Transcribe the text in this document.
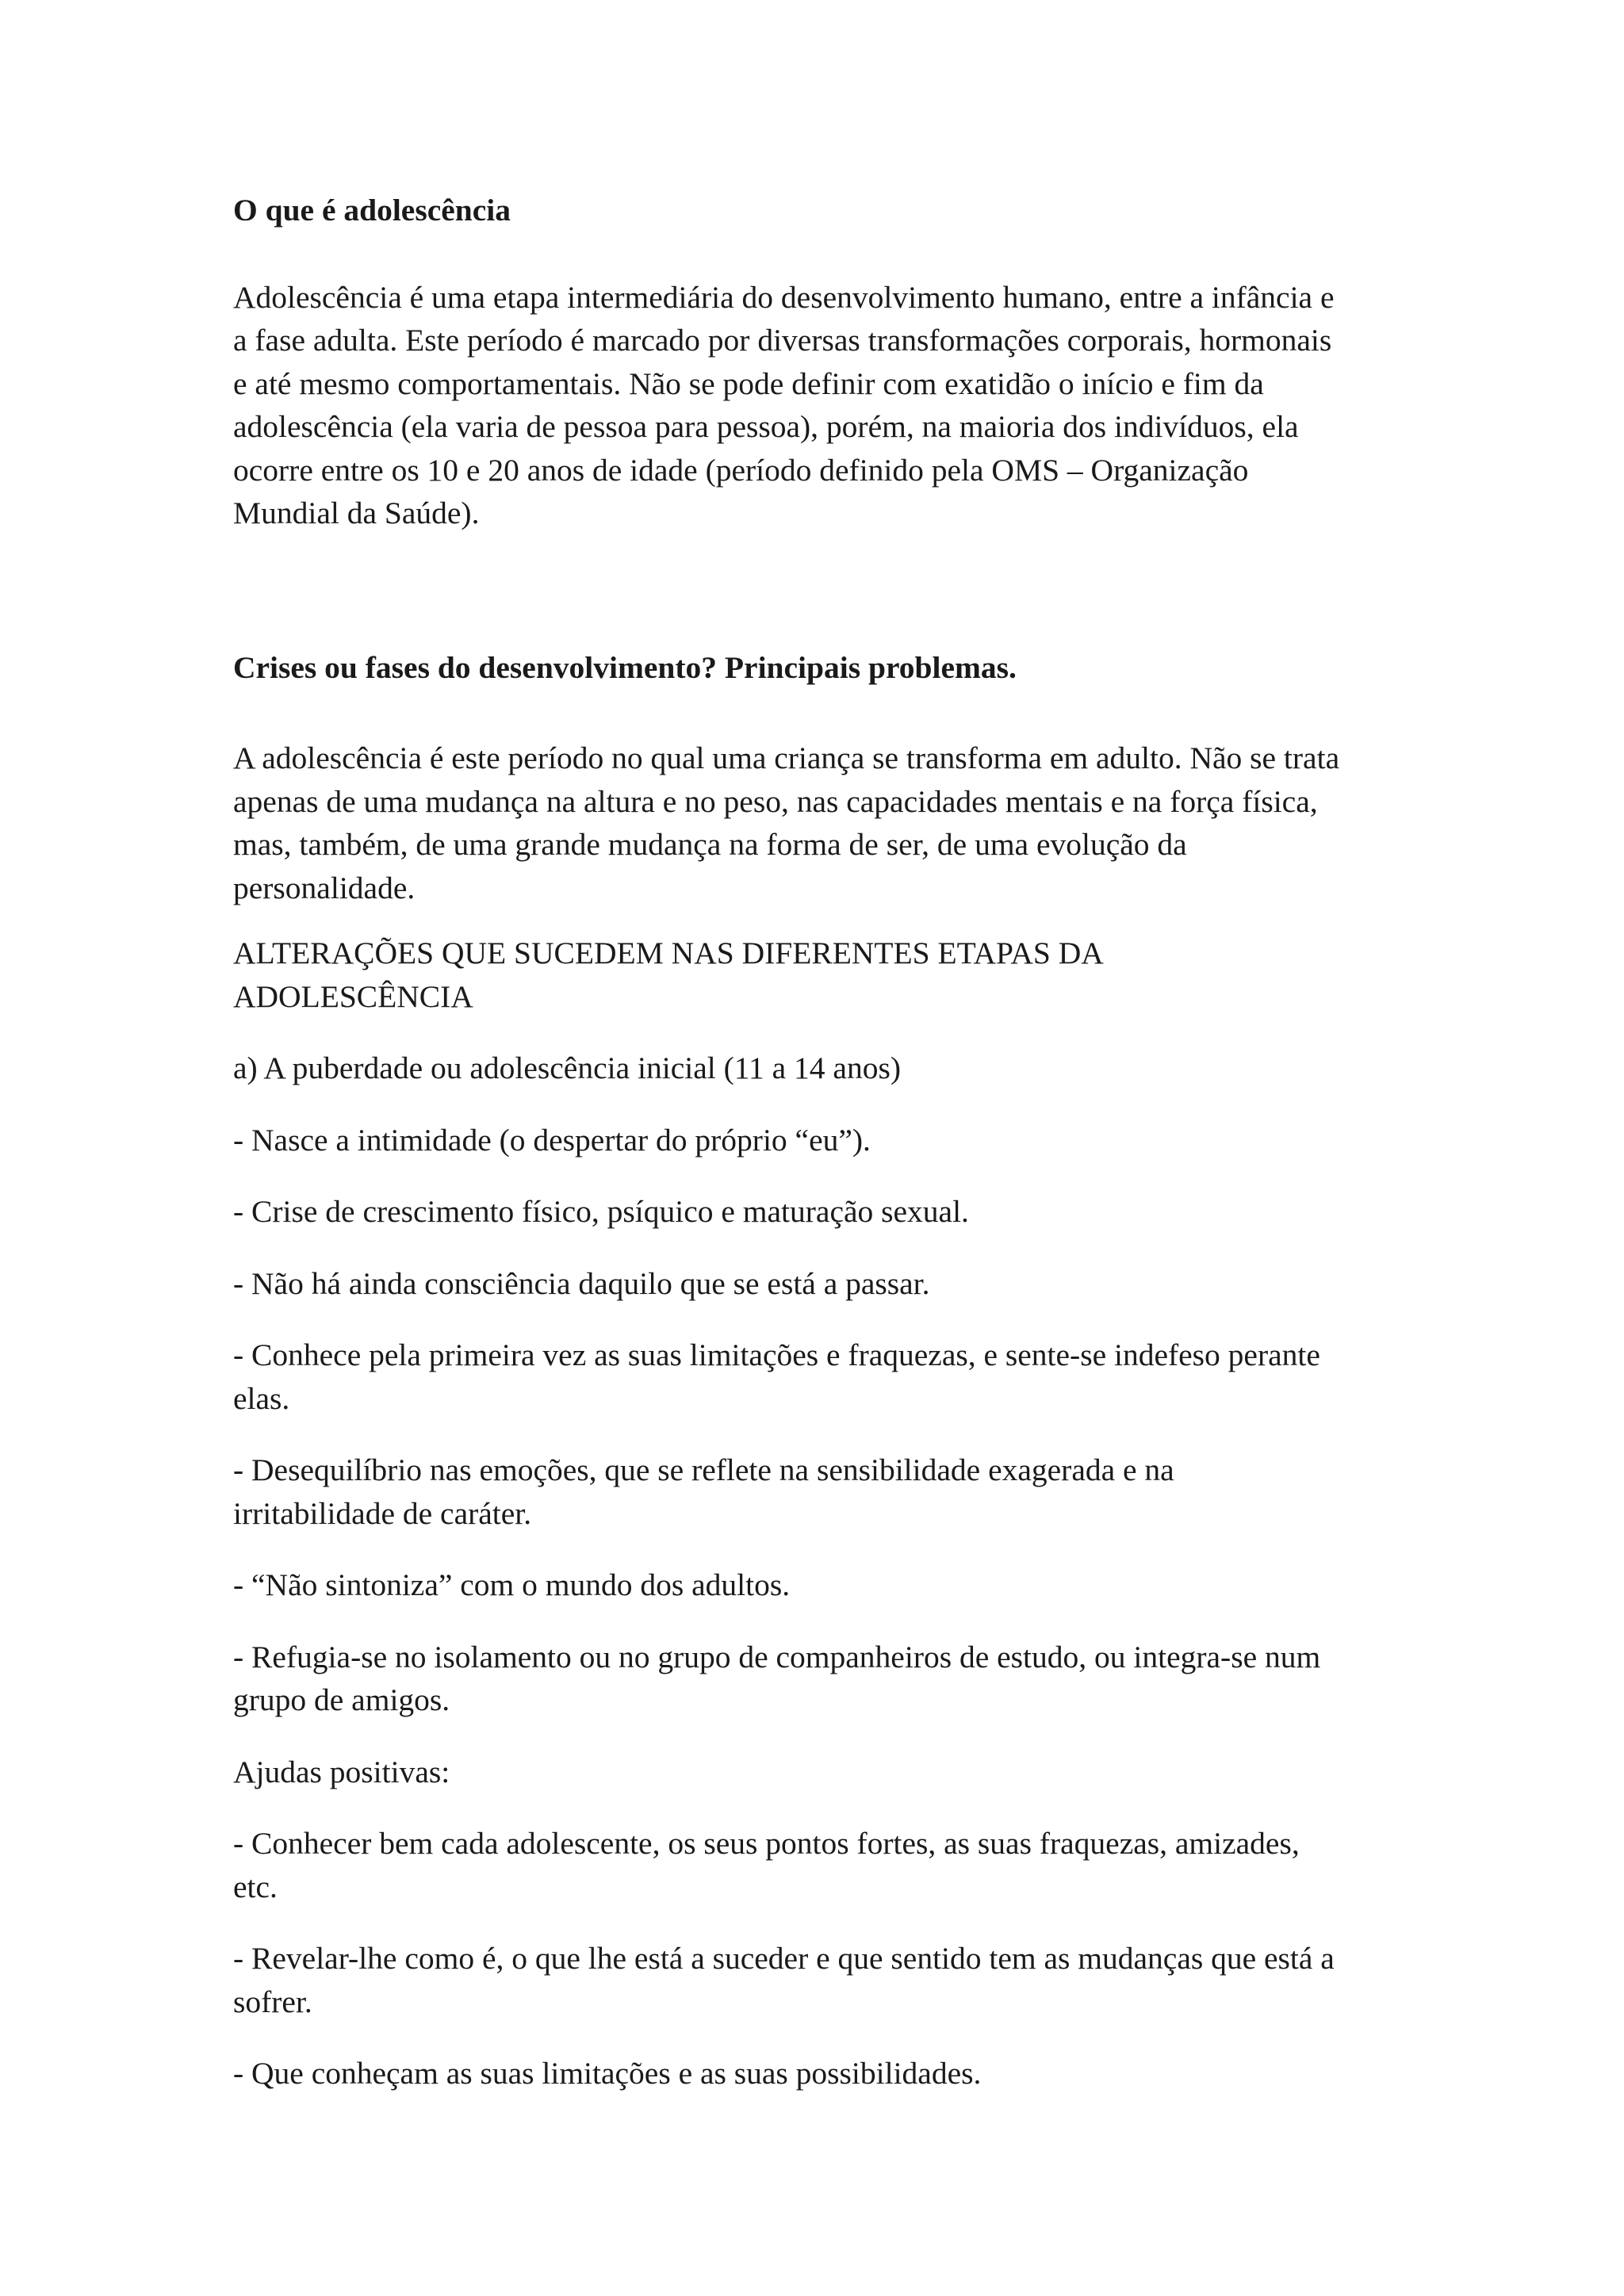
O que é adolescência

Adolescência é uma etapa intermediária do desenvolvimento humano, entre a infância e
a fase adulta. Este período é marcado por diversas transformações corporais, hormonais
e até mesmo comportamentais. Não se pode definir com exatidão o início e fim da
adolescência (ela varia de pessoa para pessoa), porém, na maioria dos indivíduos, ela
ocorre entre os 10 e 20 anos de idade (período definido pela OMS – Organização
Mundial da Saúde).

Crises ou fases do desenvolvimento? Principais problemas.

A adolescência é este período no qual uma criança se transforma em adulto. Não se trata
apenas de uma mudança na altura e no peso, nas capacidades mentais e na força física,
mas, também, de uma grande mudança na forma de ser, de uma evolução da
personalidade.

ALTERAÇÕES QUE SUCEDEM NAS DIFERENTES ETAPAS DA
ADOLESCÊNCIA

a) A puberdade ou adolescência inicial (11 a 14 anos)

- Nasce a intimidade (o despertar do próprio “eu”).

- Crise de crescimento físico, psíquico e maturação sexual.

- Não há ainda consciência daquilo que se está a passar.

- Conhece pela primeira vez as suas limitações e fraquezas, e sente-se indefeso perante
elas.

- Desequilíbrio nas emoções, que se reflete na sensibilidade exagerada e na
irritabilidade de caráter.

- “Não sintoniza” com o mundo dos adultos.

- Refugia-se no isolamento ou no grupo de companheiros de estudo, ou integra-se num
grupo de amigos.

Ajudas positivas:

- Conhecer bem cada adolescente, os seus pontos fortes, as suas fraquezas, amizades,
etc.

- Revelar-lhe como é, o que lhe está a suceder e que sentido tem as mudanças que está a
sofrer.

- Que conheçam as suas limitações e as suas possibilidades.
